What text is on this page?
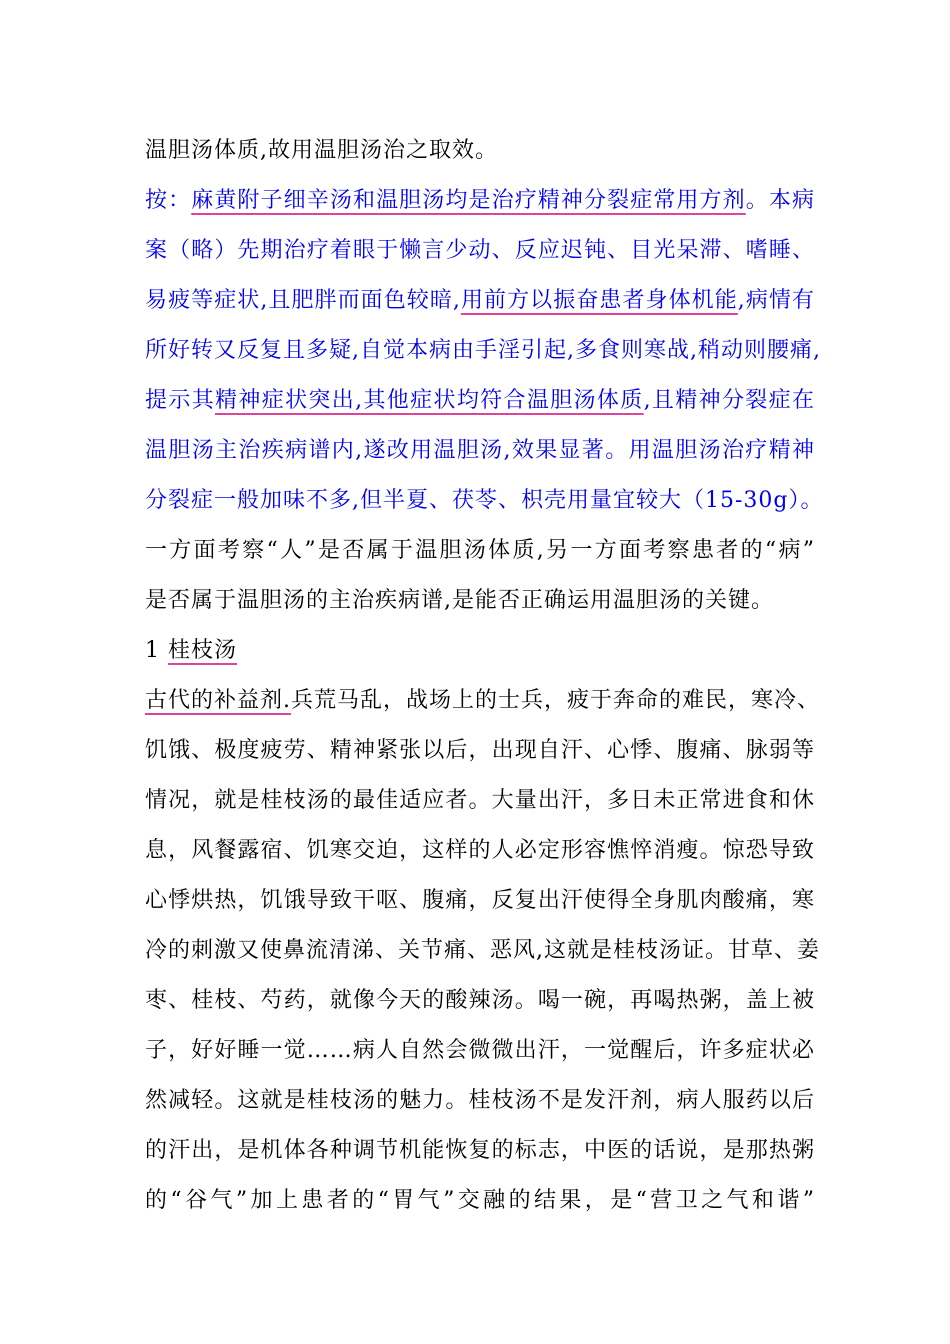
温胆汤体质,故用温胆汤治之取效。
按：麻黄附子细辛汤和温胆汤均是治疗精神分裂症常用方剂。本病
案（略）先期治疗着眼于懒言少动、反应迟钝、目光呆滞、嗜睡、
易疲等症状,且肥胖而面色较暗,用前方以振奋患者身体机能,病情有
所好转又反复且多疑,自觉本病由手淫引起,多食则寒战,稍动则腰痛,
提示其精神症状突出,其他症状均符合温胆汤体质,且精神分裂症在
温胆汤主治疾病谱内,遂改用温胆汤,效果显著。用温胆汤治疗精神
分裂症一般加味不多,但半夏、茯苓、枳壳用量宜较大（15-30g）。
一方面考察“人”是否属于温胆汤体质,另一方面考察患者的“病”
是否属于温胆汤的主治疾病谱,是能否正确运用温胆汤的关键。
1 桂枝汤
古代的补益剂.兵荒马乱，战场上的士兵，疲于奔命的难民，寒冷、
饥饿、极度疲劳、精神紧张以后，出现自汗、心悸、腹痛、脉弱等
情况，就是桂枝汤的最佳适应者。大量出汗，多日未正常进食和休
息，风餐露宿、饥寒交迫，这样的人必定形容憔悴消瘦。惊恐导致
心悸烘热，饥饿导致干呕、腹痛，反复出汗使得全身肌肉酸痛，寒
冷的刺激又使鼻流清涕、关节痛、恶风,这就是桂枝汤证。甘草、姜
枣、桂枝、芍药，就像今天的酸辣汤。喝一碗，再喝热粥，盖上被
子，好好睡一觉……病人自然会微微出汗，一觉醒后，许多症状必
然减轻。这就是桂枝汤的魅力。桂枝汤不是发汗剂，病人服药以后
的汗出，是机体各种调节机能恢复的标志，中医的话说，是那热粥
的“谷气”加上患者的“胃气”交融的结果，是“营卫之气和谐”
